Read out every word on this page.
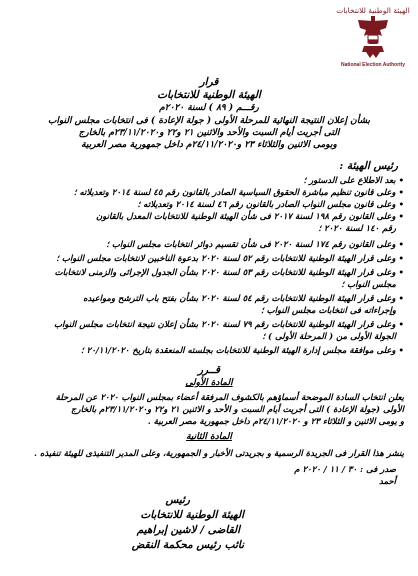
الهيئة الوطنية للانتخابات
National Election Authority
قرار
الهيئة الوطنية للانتخابات
رقـــم ( ٨٩ ) لسنة ٢٠٢٠م
بشأن إعلان النتيجة النهائية للمرحلة الأولى ( جولة الإعادة ) فى انتخابات مجلس النواب
التى أجريت أيام السبت والأحد والاثنين ٢١ و٢٢ و٢٣/١١/٢٠٢٠م بالخارج
وبومى الاثنين والثلاثاء ٢٣ و٢٤/١١/٢٠٢٠م داخل جمهورية مصر العربية
رئيس الهيئة :
• بعد الاطلاع على الدستور ؛
• وعلى قانون تنظيم مباشرة الحقوق السياسية الصادر بالقانون رقم ٤٥ لسنة ٢٠١٤ وتعديلاته ؛
• وعلى قانون مجلس النواب الصادر بالقانون رقم ٤٦ لسنة ٢٠١٤ وتعديلاته ؛
• وعلى القانون رقم ١٩٨ لسنة ٢٠١٧ فى شأن الهيئة الوطنية للانتخابات المعدل بالقانون
رقم ١٤٠ لسنة ٢٠٢٠ ؛
• وعلى القانون رقم ١٧٤ لسنة ٢٠٢٠ فى شأن تقسيم دوائر انتخابات مجلس النواب ؛
• وعلى قرار الهيئة الوطنية للانتخابات رقم ٥٢ لسنة ٢٠٢٠ بدعوة الناخبين لانتخابات مجلس النواب ؛
• وعلى قرار الهيئة الوطنية للانتخابات رقم ٥٣ لسنة ٢٠٢٠ بشأن الجدول الإجرائى والزمنى لانتخابات
مجلس النواب ؛
• وعلى قرار الهيئة الوطنية للانتخابات رقم ٥٤ لسنة ٢٠٢٠ بشأن بفتح باب الترشح ومواعيده
وإجراءاته فى انتخابات مجلس النواب ؛
• وعلى قرار الهيئة الوطنية للانتخابات رقم ٧٩ لسنة ٢٠٢٠ بشأن إعلان نتيجة انتخابات مجلس النواب
الجولة الأولى من ( المرحلة الأولى ) ؛
• وعلى موافقة مجلس إدارة الهيئة الوطنية للانتخابات بجلسته المنعقدة بتاريخ ٢٠/١١/٢٠٢٠ ؛
قــرر
المادة الأولى
يعلن انتخاب السادة الموضحة أسماؤهم بالكشوف المرفقة أعضاء بمجلس النواب ٢٠٢٠ عن المرحلة
الأولى (جولة الإعادة ) التى أجريت أيام السبت و الأحد و الاثنين ٢١ و٢٢ و٢٣/١١/٢٠٢٠م بالخارج
و يومى الاثنين و الثلاثاء ٢٣ و ٢٤/١١/٢٠٢٠م داخل جمهورية مصر العربية .
المادة الثانية
ينشر هذا القرار فى الجريدة الرسمية و بجريدتى الأخبار و الجمهورية، وعلى المدير التنفيذى للهيئة تنفيذه .
صدر فى : ٣٠ / ١١ / ٢٠٢٠ م
أحمد
رئيس
الهيئة الوطنية للانتخابات
القاضى / لاشين إبراهيم
نائب رئيس محكمة النقض
